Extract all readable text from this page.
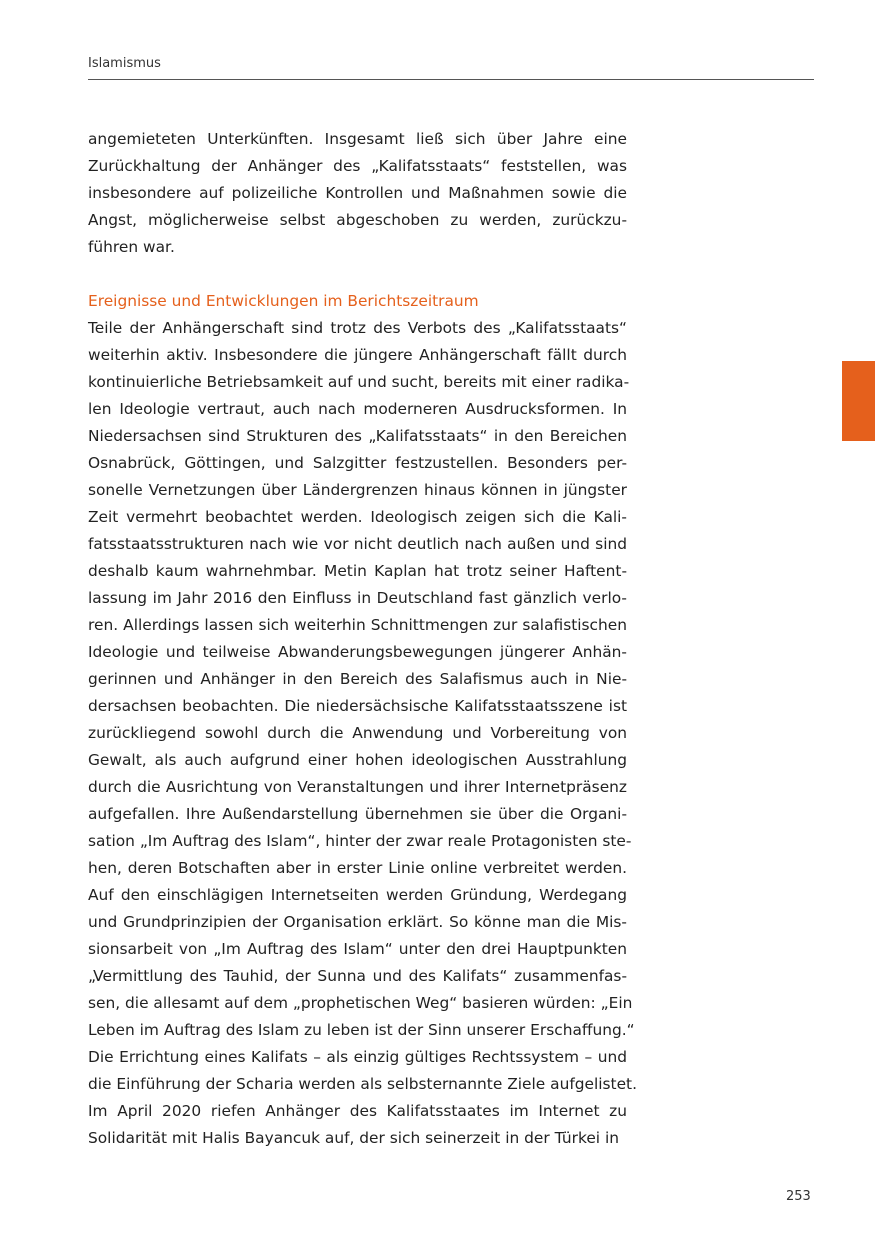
Islamismus
angemieteten Unterkünften. Insgesamt ließ sich über Jahre eine
Zurückhaltung der Anhänger des „Kalifatsstaats“ feststellen, was
insbesondere auf polizeiliche Kontrollen und Maßnahmen sowie die
Angst, möglicherweise selbst abgeschoben zu werden, zurückzu-
führen war.
Ereignisse und Entwicklungen im Berichtszeitraum
Teile der Anhängerschaft sind trotz des Verbots des „Kalifatsstaats“
weiterhin aktiv. Insbesondere die jüngere Anhängerschaft fällt durch
kontinuierliche Betriebsamkeit auf und sucht, bereits mit einer radika-
len Ideologie vertraut, auch nach moderneren Ausdrucksformen. In
Niedersachsen sind Strukturen des „Kalifatsstaats“ in den Bereichen
Osnabrück, Göttingen, und Salzgitter festzustellen. Besonders per-
sonelle Vernetzungen über Ländergrenzen hinaus können in jüngster
Zeit vermehrt beobachtet werden. Ideologisch zeigen sich die Kali-
fatsstaatsstrukturen nach wie vor nicht deutlich nach außen und sind
deshalb kaum wahrnehmbar. Metin Kaplan hat trotz seiner Haftent-
lassung im Jahr 2016 den Einfluss in Deutschland fast gänzlich verlo-
ren. Allerdings lassen sich weiterhin Schnittmengen zur salafistischen
Ideologie und teilweise Abwanderungsbewegungen jüngerer Anhän-
gerinnen und Anhänger in den Bereich des Salafismus auch in Nie-
dersachsen beobachten. Die niedersächsische Kalifatsstaatsszene ist
zurückliegend sowohl durch die Anwendung und Vorbereitung von
Gewalt, als auch aufgrund einer hohen ideologischen Ausstrahlung
durch die Ausrichtung von Veranstaltungen und ihrer Internetpräsenz
aufgefallen. Ihre Außendarstellung übernehmen sie über die Organi-
sation „Im Auftrag des Islam“, hinter der zwar reale Protagonisten ste-
hen, deren Botschaften aber in erster Linie online verbreitet werden.
Auf den einschlägigen Internetseiten werden Gründung, Werdegang
und Grundprinzipien der Organisation erklärt. So könne man die Mis-
sionsarbeit von „Im Auftrag des Islam“ unter den drei Hauptpunkten
„Vermittlung des Tauhid, der Sunna und des Kalifats“ zusammenfas-
sen, die allesamt auf dem „prophetischen Weg“ basieren würden: „Ein
Leben im Auftrag des Islam zu leben ist der Sinn unserer Erschaffung.“
Die Errichtung eines Kalifats – als einzig gültiges Rechtssystem – und
die Einführung der Scharia werden als selbsternannte Ziele aufgelistet.
Im April 2020 riefen Anhänger des Kalifatsstaates im Internet zu
Solidarität mit Halis Bayancuk auf, der sich seinerzeit in der Türkei in
253
